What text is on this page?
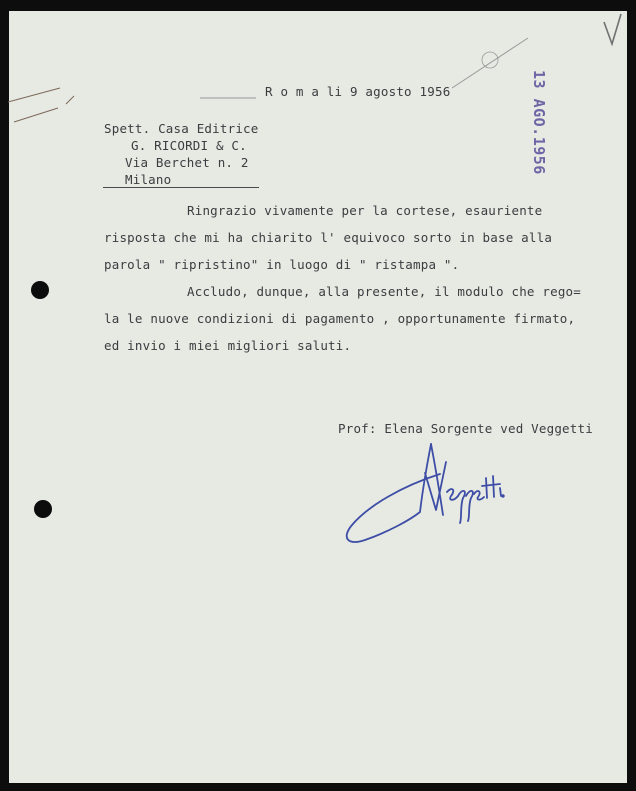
R o m a li 9 agosto 1956
Spett. Casa Editrice
G. RICORDI & C.
Via Berchet n. 2
Milano
Ringrazio vivamente per la cortese, esauriente
risposta che mi ha chiarito l' equivoco sorto in base alla
parola " ripristino" in luogo di " ristampa ".
Accludo, dunque, alla presente, il modulo che rego=
la le nuove condizioni di pagamento , opportunamente firmato,
ed invio i miei migliori saluti.
Prof: Elena Sorgente ved Veggetti
13 AGO.1956
